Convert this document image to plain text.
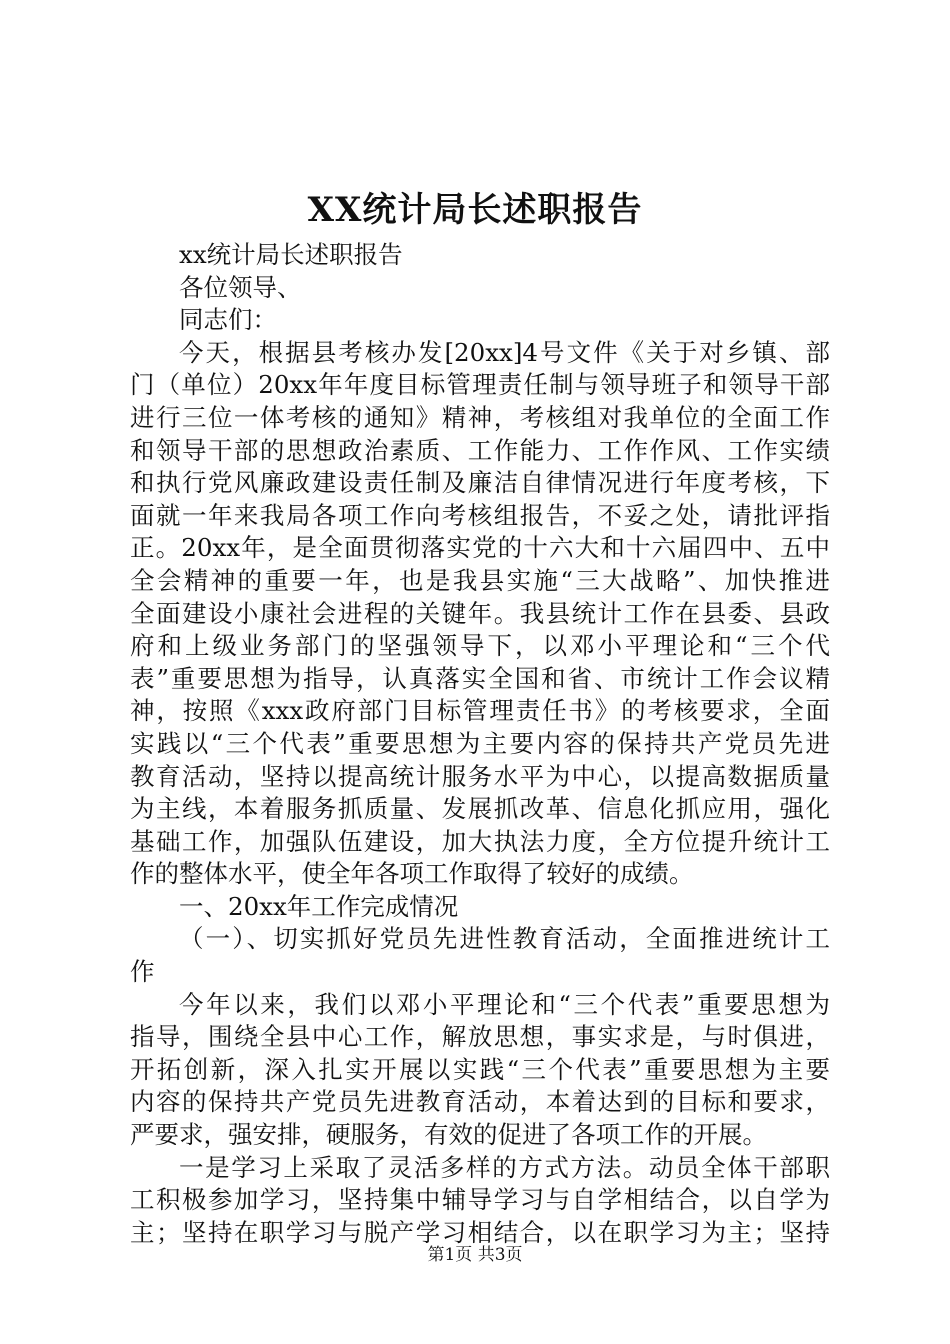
XX统计局长述职报告
xx统计局长述职报告
各位领导、
同志们：
今天，根据县考核办发[20xx]4号文件《关于对乡镇、部
门（单位）20xx年年度目标管理责任制与领导班子和领导干部
进行三位一体考核的通知》精神，考核组对我单位的全面工作
和领导干部的思想政治素质、工作能力、工作作风、工作实绩
和执行党风廉政建设责任制及廉洁自律情况进行年度考核，下
面就一年来我局各项工作向考核组报告，不妥之处，请批评指
正。20xx年，是全面贯彻落实党的十六大和十六届四中、五中
全会精神的重要一年，也是我县实施“三大战略”、加快推进
全面建设小康社会进程的关键年。我县统计工作在县委、县政
府和上级业务部门的坚强领导下，以邓小平理论和“三个代
表”重要思想为指导，认真落实全国和省、市统计工作会议精
神，按照《xxx政府部门目标管理责任书》的考核要求，全面
实践以“三个代表”重要思想为主要内容的保持共产党员先进
教育活动，坚持以提高统计服务水平为中心，以提高数据质量
为主线，本着服务抓质量、发展抓改革、信息化抓应用，强化
基础工作，加强队伍建设，加大执法力度，全方位提升统计工
作的整体水平，使全年各项工作取得了较好的成绩。
一、20xx年工作完成情况
（一）、切实抓好党员先进性教育活动，全面推进统计工
作
今年以来，我们以邓小平理论和“三个代表”重要思想为
指导，围绕全县中心工作，解放思想，事实求是，与时俱进，
开拓创新，深入扎实开展以实践“三个代表”重要思想为主要
内容的保持共产党员先进教育活动，本着达到的目标和要求，
严要求，强安排，硬服务，有效的促进了各项工作的开展。
一是学习上采取了灵活多样的方式方法。动员全体干部职
工积极参加学习，坚持集中辅导学习与自学相结合，以自学为
主；坚持在职学习与脱产学习相结合，以在职学习为主；坚持
第1页 共3页
